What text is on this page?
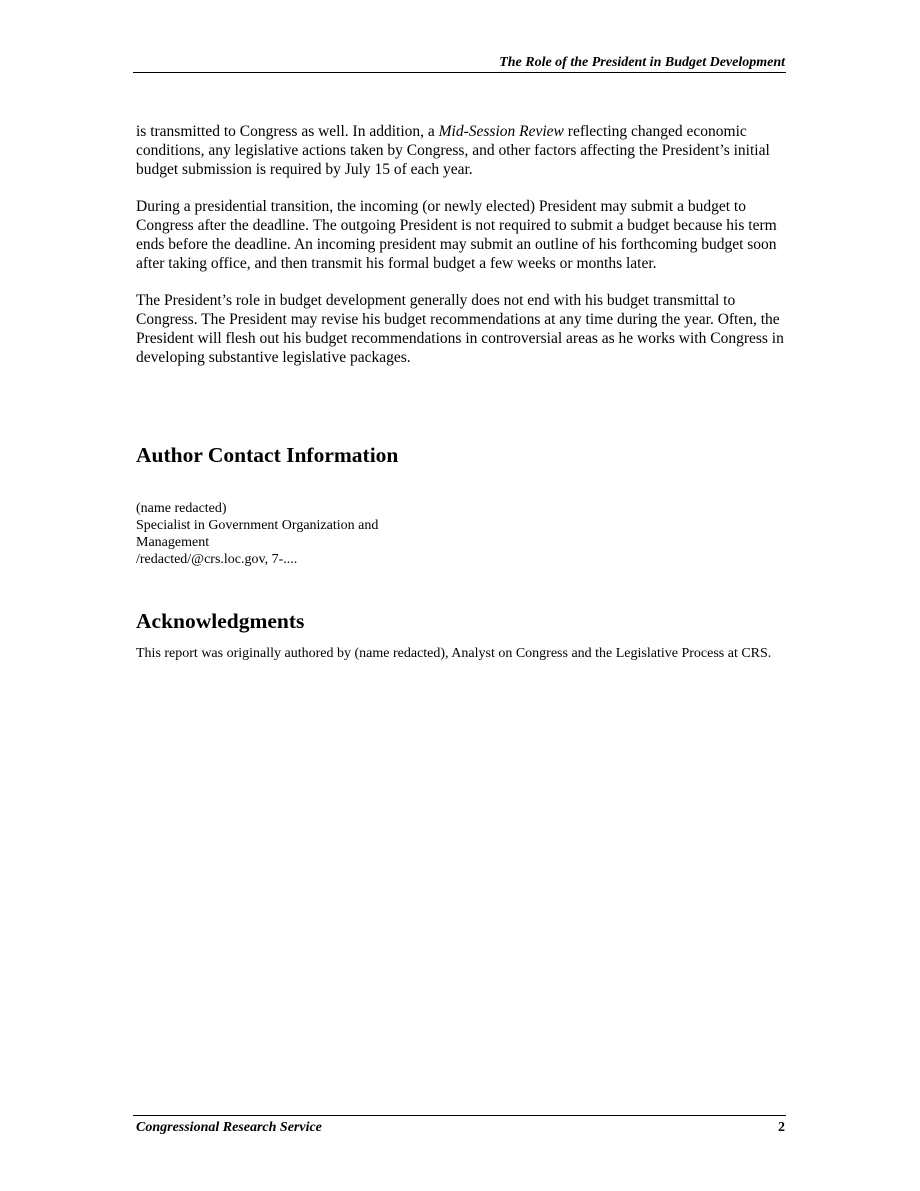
The Role of the President in Budget Development

is transmitted to Congress as well. In addition, a Mid-Session Review reflecting changed economic conditions, any legislative actions taken by Congress, and other factors affecting the President’s initial budget submission is required by July 15 of each year.

During a presidential transition, the incoming (or newly elected) President may submit a budget to Congress after the deadline. The outgoing President is not required to submit a budget because his term ends before the deadline. An incoming president may submit an outline of his forthcoming budget soon after taking office, and then transmit his formal budget a few weeks or months later.

The President’s role in budget development generally does not end with his budget transmittal to Congress. The President may revise his budget recommendations at any time during the year. Often, the President will flesh out his budget recommendations in controversial areas as he works with Congress in developing substantive legislative packages.

Author Contact Information
(name redacted)
Specialist in Government Organization and
Management
/redacted/@crs.loc.gov, 7-....
Acknowledgments

This report was originally authored by (name redacted), Analyst on Congress and the Legislative Process at CRS.

Congressional Research Service	2
